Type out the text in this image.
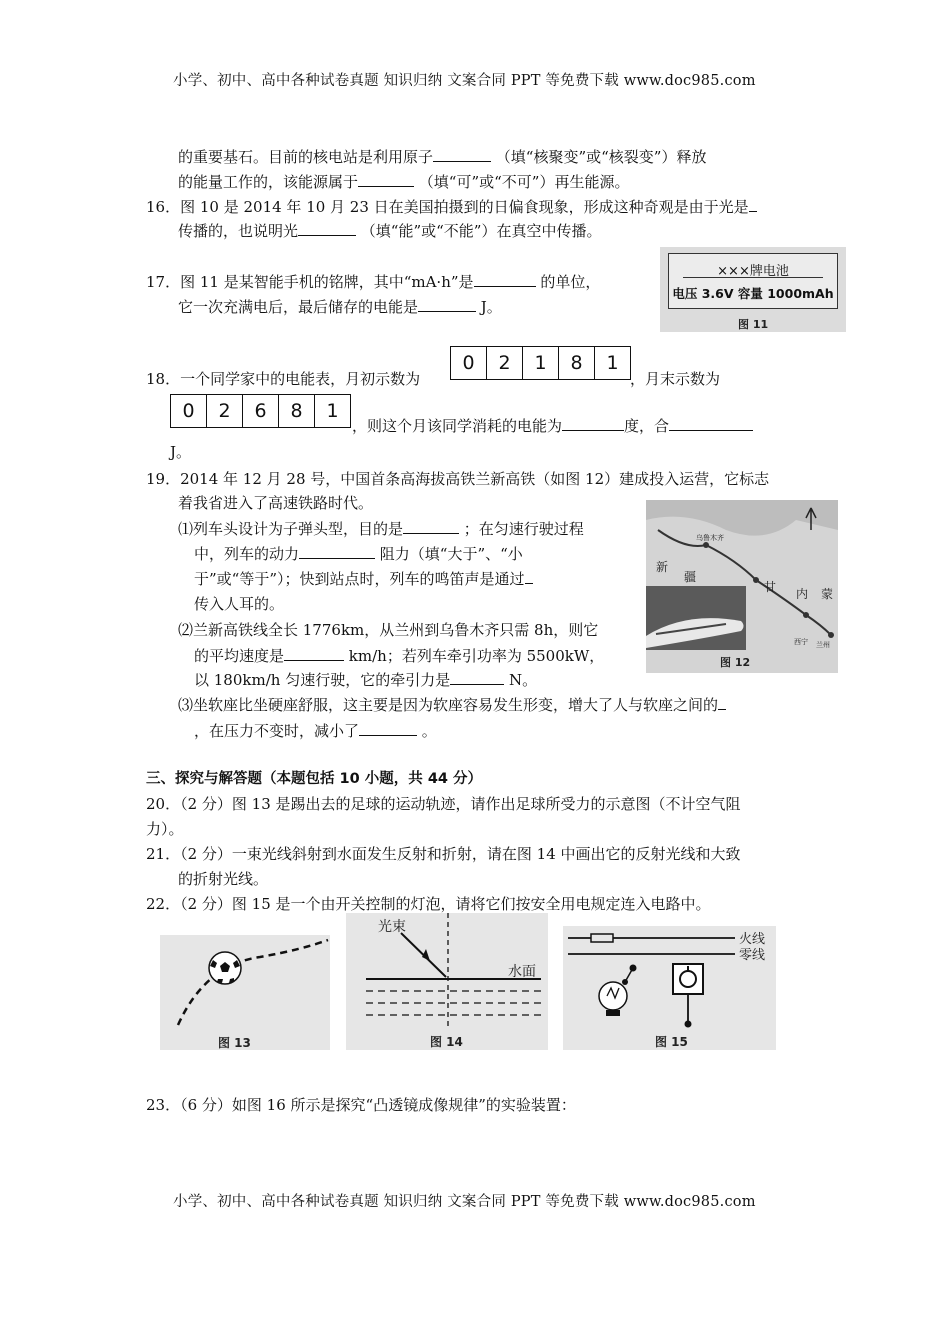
小学、初中、高中各种试卷真题 知识归纳 文案合同 PPT 等免费下载 www.doc985.com
的重要基石。目前的核电站是利用原子	（填“核聚变”或“核裂变”）释放
的能量工作的，该能源属于	（填“可”或“不可”）再生能源。
16．图 10 是 2014 年 10 月 23 日在美国拍摄到的日偏食现象，形成这种奇观是由于光是
传播的，也说明光	（填“能”或“不能”）在真空中传播。
17．图 11 是某智能手机的铭牌，其中“mA·h”是	的单位，
它一次充满电后，最后储存的电能是	J。
×××牌电池
电压 3.6V 容量 1000mAh
图 11
18．一个同学家中的电能表，月初示数为
0	2	1	8	1
，月末示数为
0	2	6	8	1
，则这个月该同学消耗的电能为	度，合
J。
19．2014 年 12 月 28 号，中国首条高海拔高铁兰新高铁（如图 12）建成投入运营，它标志
着我省进入了高速铁路时代。
⑴列车头设计为子弹头型，目的是	；在匀速行驶过程
中，列车的动力	阻力（填“大于”、“小
于”或“等于”）；快到站点时，列车的鸣笛声是通过
传入人耳的。
⑵兰新高铁线全长 1776km，从兰州到乌鲁木齐只需 8h，则它
的平均速度是	km/h；若列车牵引功率为 5500kW，
以 180km/h 匀速行驶，它的牵引力是	N。
⑶坐软座比坐硬座舒服，这主要是因为软座容易发生形变，增大了人与软座之间的
，在压力不变时，减小了	。
新
疆
甘 内 蒙
乌鲁木齐
西宁 兰州
图 12
三、探究与解答题（本题包括 10 小题，共 44 分）
20．（2 分）图 13 是踢出去的足球的运动轨迹，请作出足球所受力的示意图（不计空气阻
力）。
21．（2 分）一束光线斜射到水面发生反射和折射，请在图 14 中画出它的反射光线和大致
的折射光线。
22．（2 分）图 15 是一个由开关控制的灯泡，请将它们按安全用电规定连入电路中。
图 13
光束
水面
图 14
火线
零线
图 15
23．（6 分）如图 16 所示是探究“凸透镜成像规律”的实验装置：
小学、初中、高中各种试卷真题 知识归纳 文案合同 PPT 等免费下载 www.doc985.com
